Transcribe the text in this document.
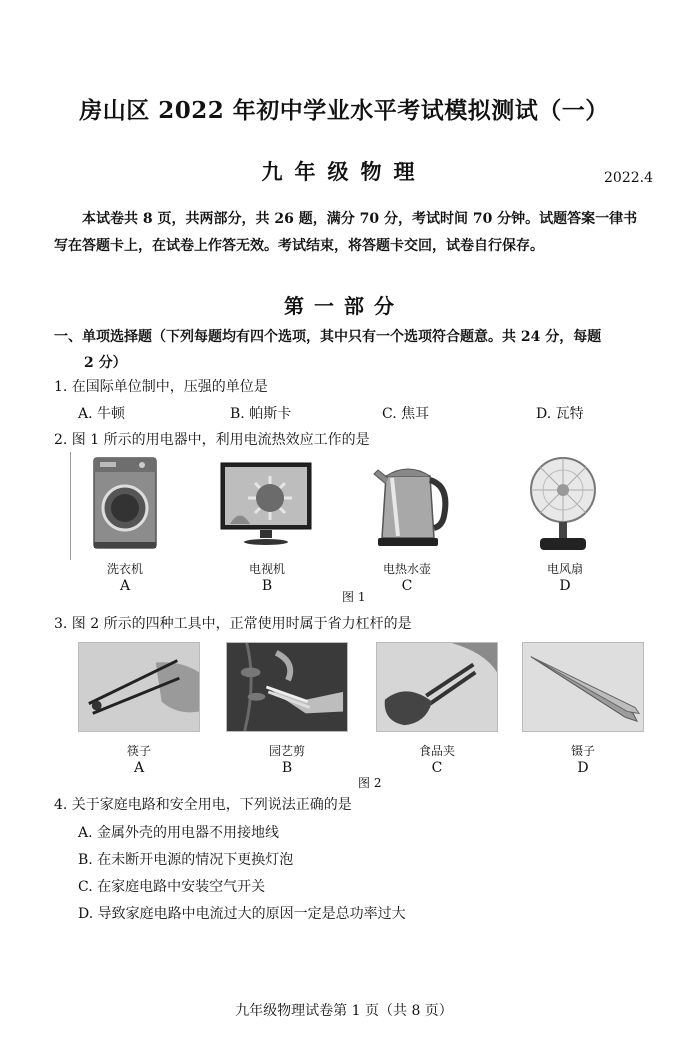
房山区 2022 年初中学业水平考试模拟测试（一）
九年级物理	2022.4
本试卷共 8 页，共两部分，共 26 题，满分 70 分，考试时间 70 分钟。试题答案一律书写在答题卡上，在试卷上作答无效。考试结束，将答题卡交回，试卷自行保存。
第一部分
一、单项选择题（下列每题均有四个选项，其中只有一个选项符合题意。共 24 分，每题
2 分）
1. 在国际单位制中，压强的单位是
A. 牛顿	B. 帕斯卡	C. 焦耳	D. 瓦特
2. 图 1 所示的用电器中，利用电流热效应工作的是
洗衣机	电视机	电热水壶	电风扇
A	B	C	D
图 1
3. 图 2 所示的四种工具中，正常使用时属于省力杠杆的是
筷子	园艺剪	食品夹	镊子
A	B	C	D
图 2
4. 关于家庭电路和安全用电，下列说法正确的是
A. 金属外壳的用电器不用接地线
B. 在未断开电源的情况下更换灯泡
C. 在家庭电路中安装空气开关
D. 导致家庭电路中电流过大的原因一定是总功率过大
九年级物理试卷第 1 页（共 8 页）
